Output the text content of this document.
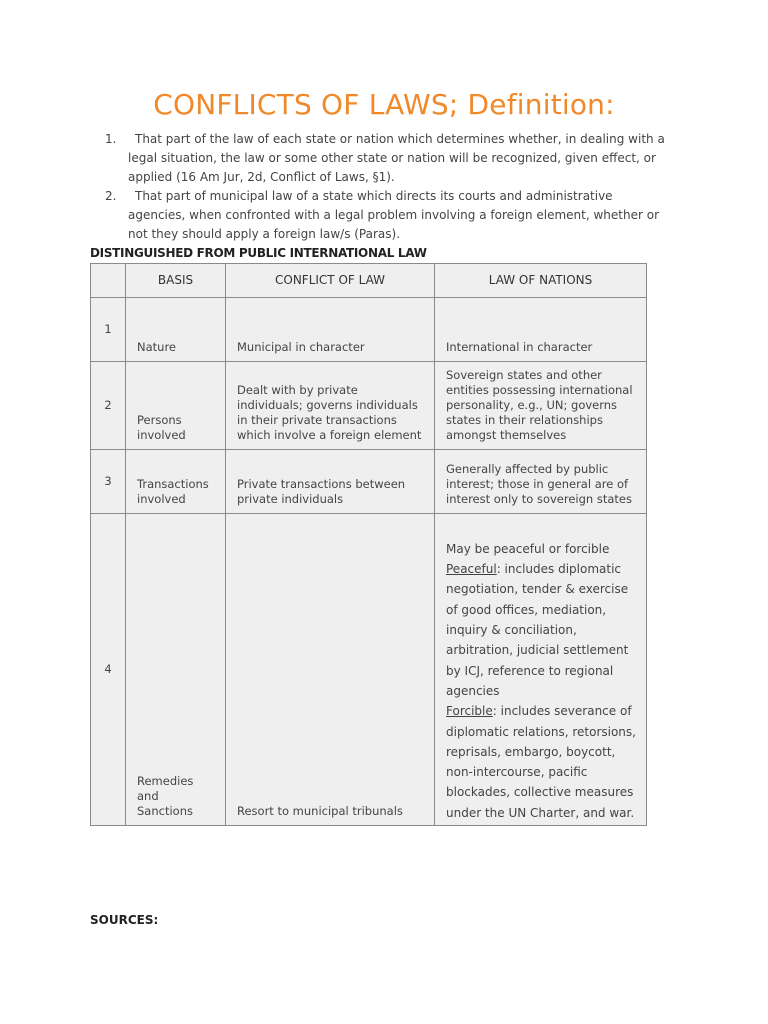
CONFLICTS OF LAWS; Definition:
1.	That part of the law of each state or nation which determines whether, in dealing with a legal situation, the law or some other state or nation will be recognized, given effect, or applied (16 Am Jur, 2d, Conflict of Laws, §1).
2.	That part of municipal law of a state which directs its courts and administrative agencies, when confronted with a legal problem involving a foreign element, whether or not they should apply a foreign law/s (Paras).
DISTINGUISHED FROM PUBLIC INTERNATIONAL LAW
	BASIS	CONFLICT OF LAW	LAW OF NATIONS
1	Nature	Municipal in character	International in character
2	Persons involved	Dealt with by private individuals; governs individuals in their private transactions which involve a foreign element	Sovereign states and other entities possessing international personality, e.g., UN; governs states in their relationships amongst themselves
3	Transactions involved	Private transactions between private individuals	Generally affected by public interest; those in general are of interest only to sovereign states
4	Remedies and Sanctions	Resort to municipal tribunals	May be peaceful or forcible
Peaceful: includes diplomatic negotiation, tender & exercise of good offices, mediation, inquiry & conciliation, arbitration, judicial settlement by ICJ, reference to regional agencies
Forcible: includes severance of diplomatic relations, retorsions, reprisals, embargo, boycott, non-intercourse, pacific blockades, collective measures under the UN Charter, and war.
SOURCES:
